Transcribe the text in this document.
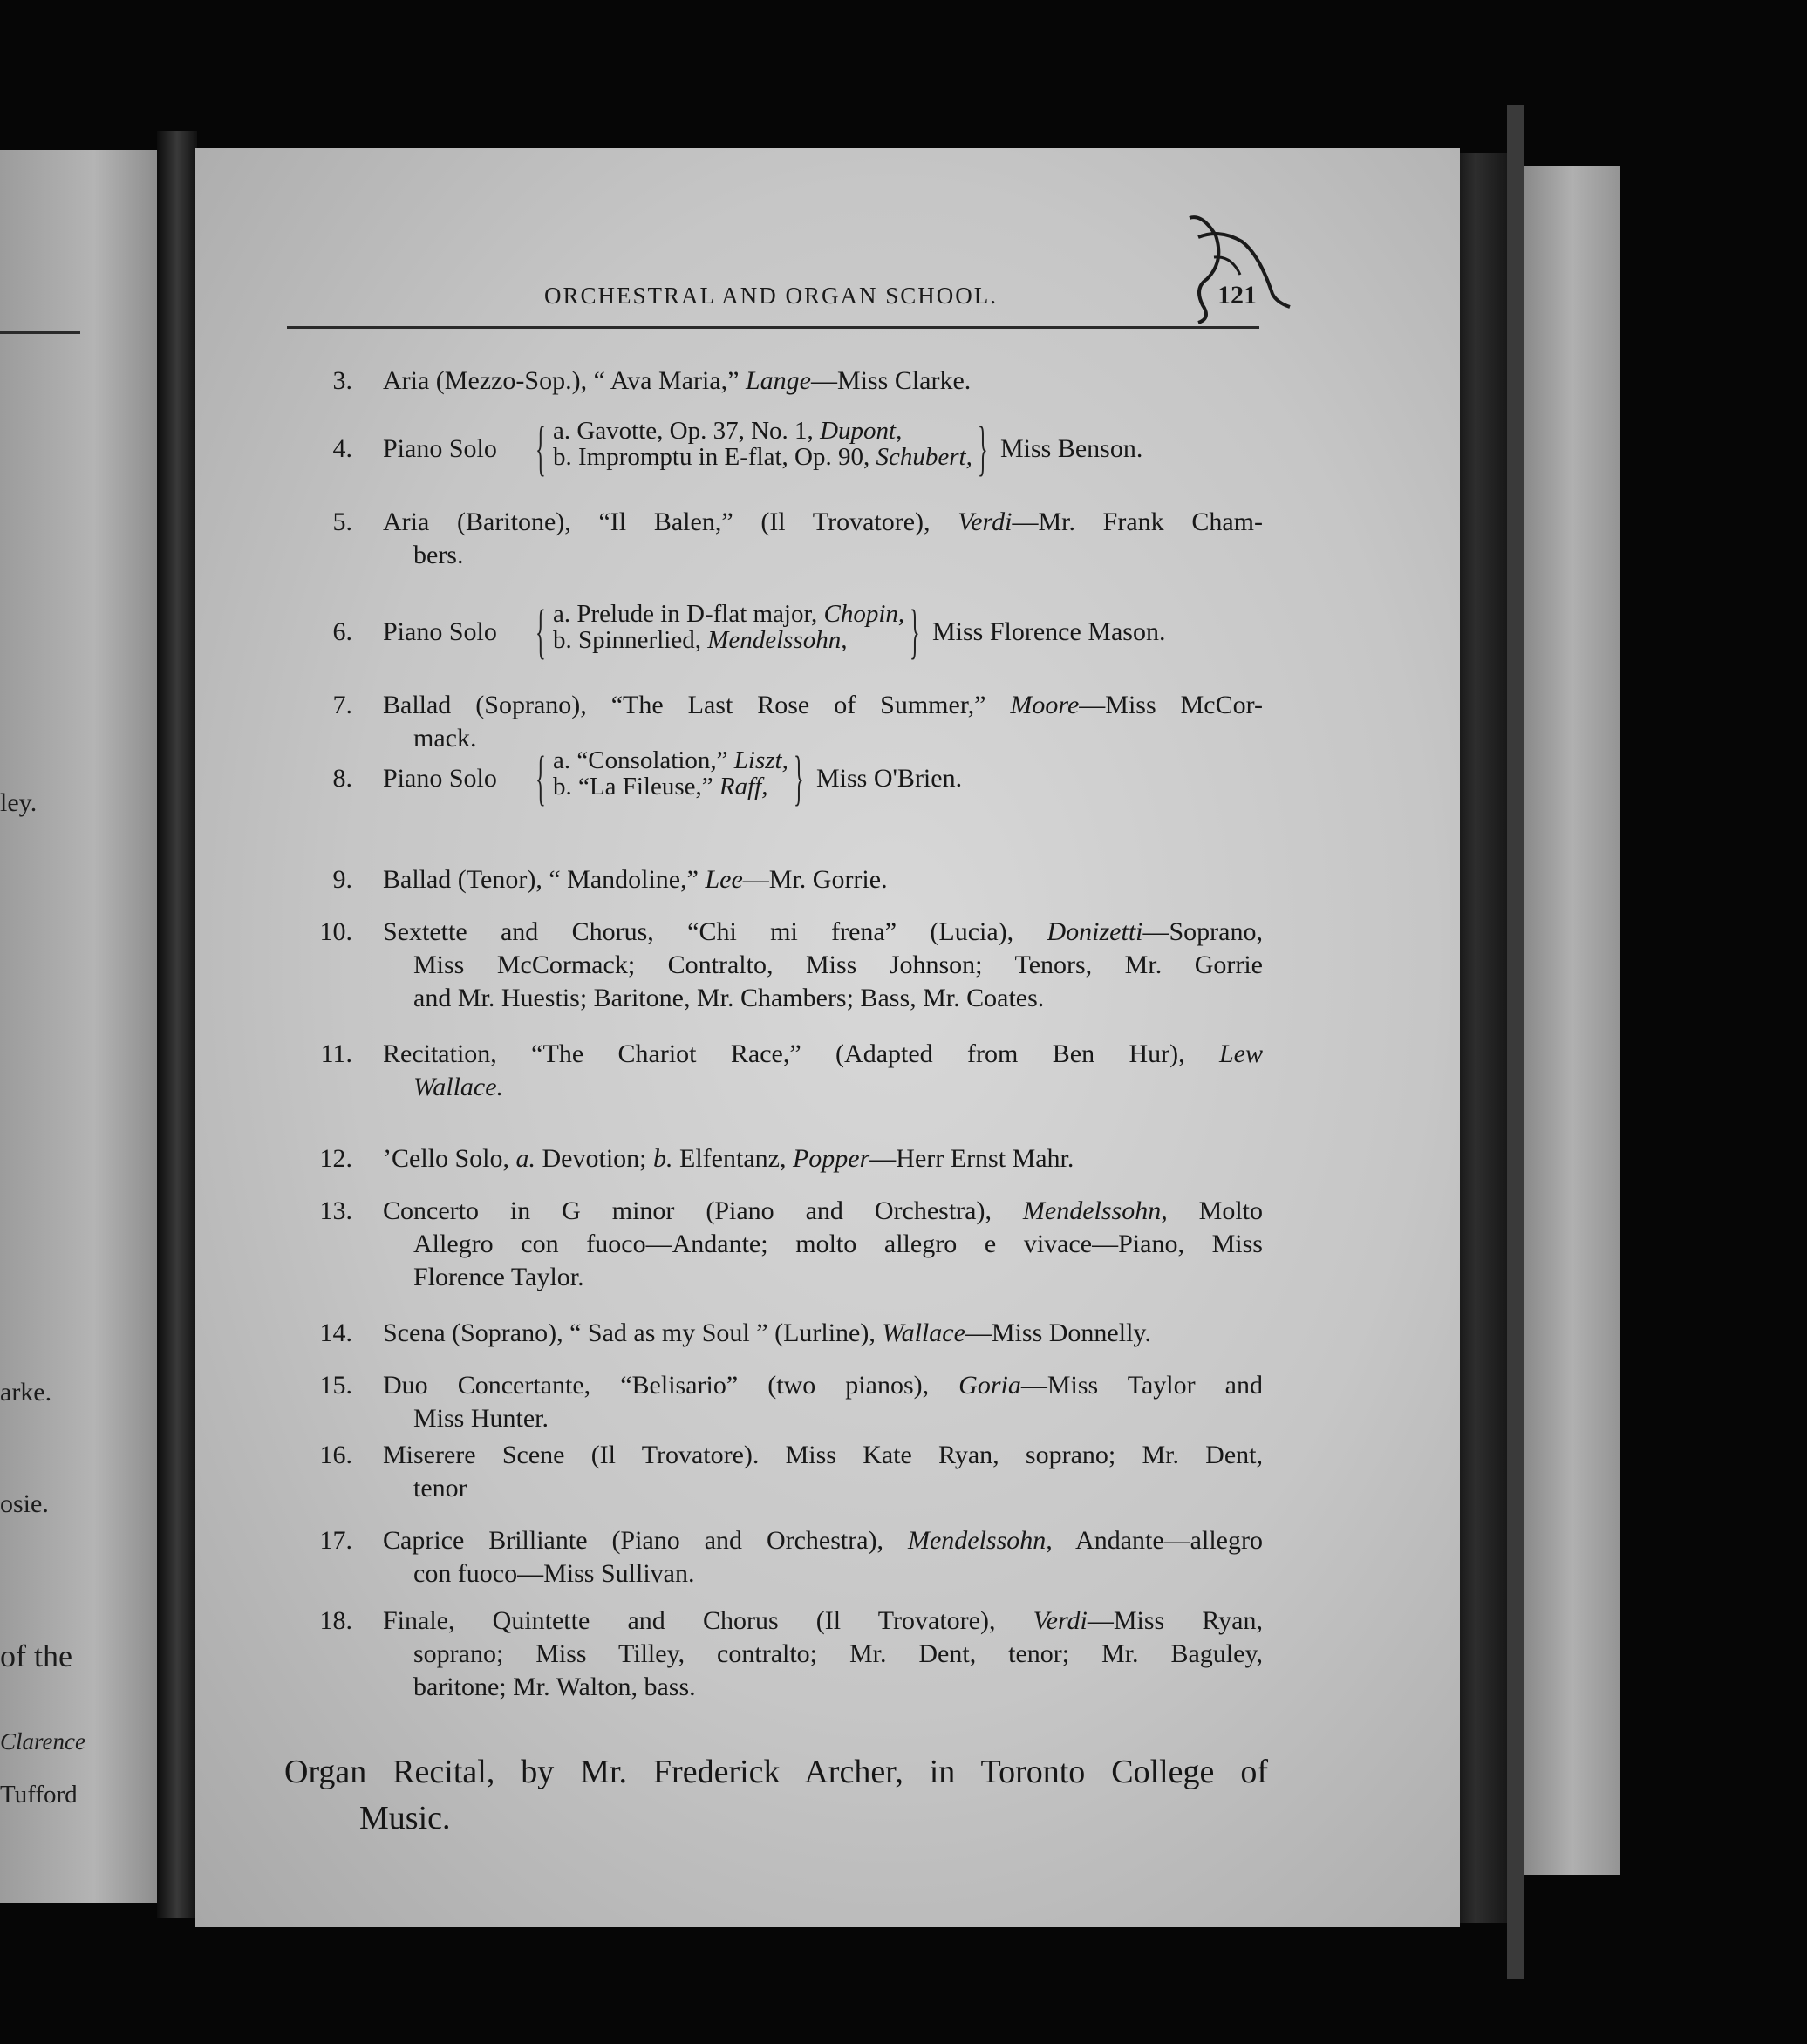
ley.
arke.
osie.
of the
Clarence
Tufford
ORCHESTRAL AND ORGAN SCHOOL.	121
3. Aria (Mezzo-Sop.), “ Ava Maria,” Lange—Miss Clarke.
4. Piano Solo { a. Gavotte, Op. 37, No. 1, Dupont,
b. Impromptu in E-flat, Op. 90, Schubert, } Miss Benson.
5. Aria (Baritone), “Il Balen,” (Il Trovatore), Verdi—Mr. Frank Cham-
bers.
6. Piano Solo { a. Prelude in D-flat major, Chopin,
b. Spinnerlied, Mendelssohn, } Miss Florence Mason.
7. Ballad (Soprano), “The Last Rose of Summer,” Moore—Miss McCor-
mack.
8. Piano Solo { a. “Consolation,” Liszt,
b. “La Fileuse,” Raff, } Miss O'Brien.
9. Ballad (Tenor), “ Mandoline,” Lee—Mr. Gorrie.
10. Sextette and Chorus, “Chi mi frena” (Lucia), Donizetti—Soprano,
Miss McCormack; Contralto, Miss Johnson; Tenors, Mr. Gorrie
and Mr. Huestis; Baritone, Mr. Chambers; Bass, Mr. Coates.
11. Recitation, “The Chariot Race,” (Adapted from Ben Hur), Lew
Wallace.
12. ’Cello Solo, a. Devotion; b. Elfentanz, Popper—Herr Ernst Mahr.
13. Concerto in G minor (Piano and Orchestra), Mendelssohn, Molto
Allegro con fuoco—Andante; molto allegro e vivace—Piano, Miss
Florence Taylor.
14. Scena (Soprano), “ Sad as my Soul ” (Lurline), Wallace—Miss Donnelly.
15. Duo Concertante, “Belisario” (two pianos), Goria—Miss Taylor and
Miss Hunter.
16. Miserere Scene (Il Trovatore). Miss Kate Ryan, soprano; Mr. Dent,
tenor
17. Caprice Brilliante (Piano and Orchestra), Mendelssohn, Andante—allegro
con fuoco—Miss Sullivan.
18. Finale, Quintette and Chorus (Il Trovatore), Verdi—Miss Ryan,
soprano; Miss Tilley, contralto; Mr. Dent, tenor; Mr. Baguley,
baritone; Mr. Walton, bass.
Organ Recital, by Mr. Frederick Archer, in Toronto College of
Music.
